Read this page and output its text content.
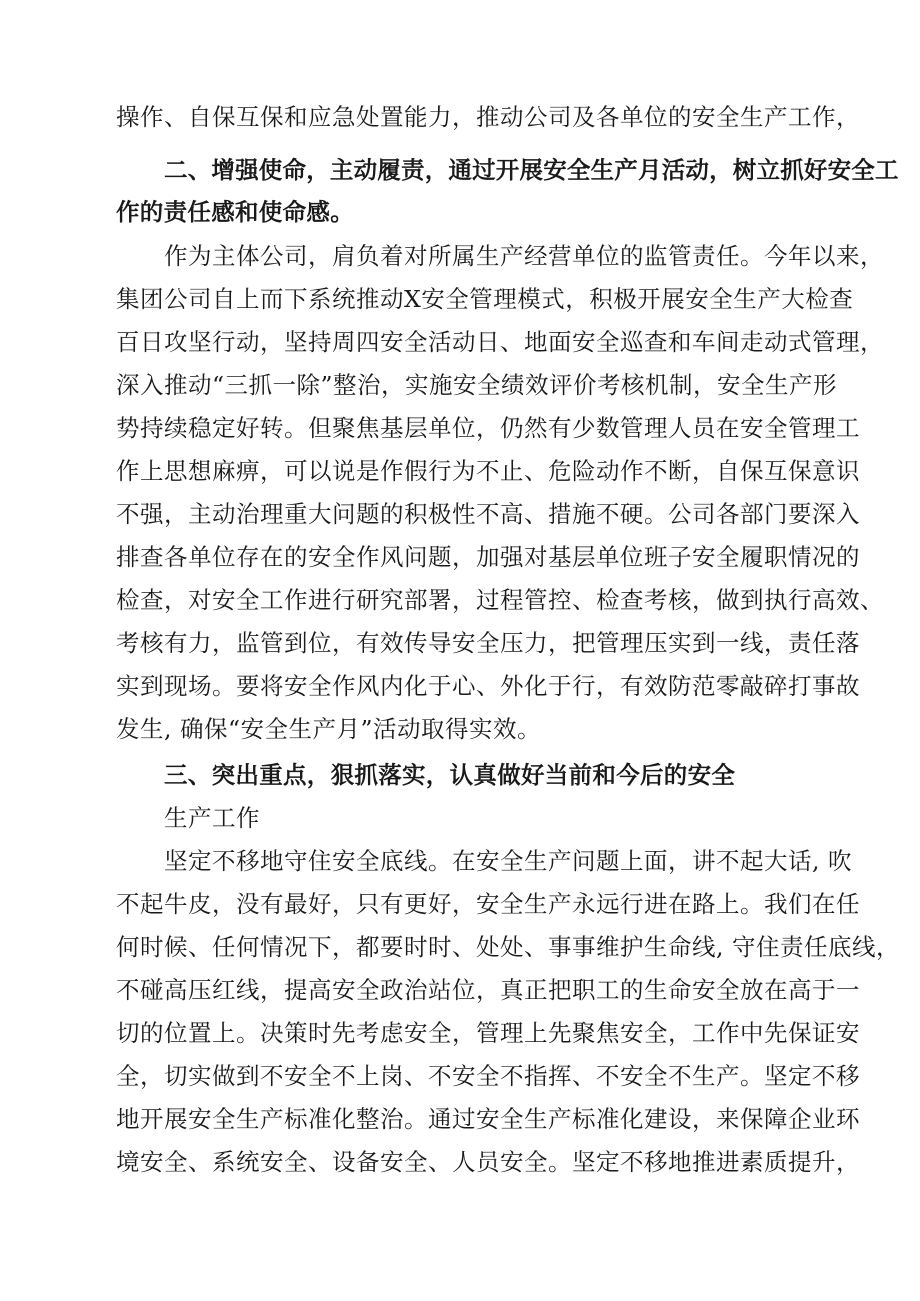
操作、自保互保和应急处置能力，推动公司及各单位的安全生产工作，
二、增强使命，主动履责，通过开展安全生产月活动，树立抓好安全工
作的责任感和使命感。
作为主体公司，肩负着对所属生产经营单位的监管责任。今年以来，
集团公司自上而下系统推动X安全管理模式，积极开展安全生产大检查
百日攻坚行动，坚持周四安全活动日、地面安全巡查和车间走动式管理，
深入推动“三抓一除”整治，实施安全绩效评价考核机制，安全生产形
势持续稳定好转。但聚焦基层单位，仍然有少数管理人员在安全管理工
作上思想麻痹，可以说是作假行为不止、危险动作不断，自保互保意识
不强，主动治理重大问题的积极性不高、措施不硬。公司各部门要深入
排查各单位存在的安全作风问题，加强对基层单位班子安全履职情况的
检查，对安全工作进行研究部署，过程管控、检查考核，做到执行高效、
考核有力，监管到位，有效传导安全压力，把管理压实到一线，责任落
实到现场。要将安全作风内化于心、外化于行，有效防范零敲碎打事故
发生, 确保“安全生产月”活动取得实效。
三、突出重点，狠抓落实，认真做好当前和今后的安全
生产工作
坚定不移地守住安全底线。在安全生产问题上面，讲不起大话, 吹
不起牛皮，没有最好，只有更好，安全生产永远行进在路上。我们在任
何时候、任何情况下，都要时时、处处、事事维护生命线, 守住责任底线，
不碰高压红线，提高安全政治站位，真正把职工的生命安全放在高于一
切的位置上。决策时先考虑安全，管理上先聚焦安全，工作中先保证安
全，切实做到不安全不上岗、不安全不指挥、不安全不生产。坚定不移
地开展安全生产标准化整治。通过安全生产标准化建设，来保障企业环
境安全、系统安全、设备安全、人员安全。坚定不移地推进素质提升，
